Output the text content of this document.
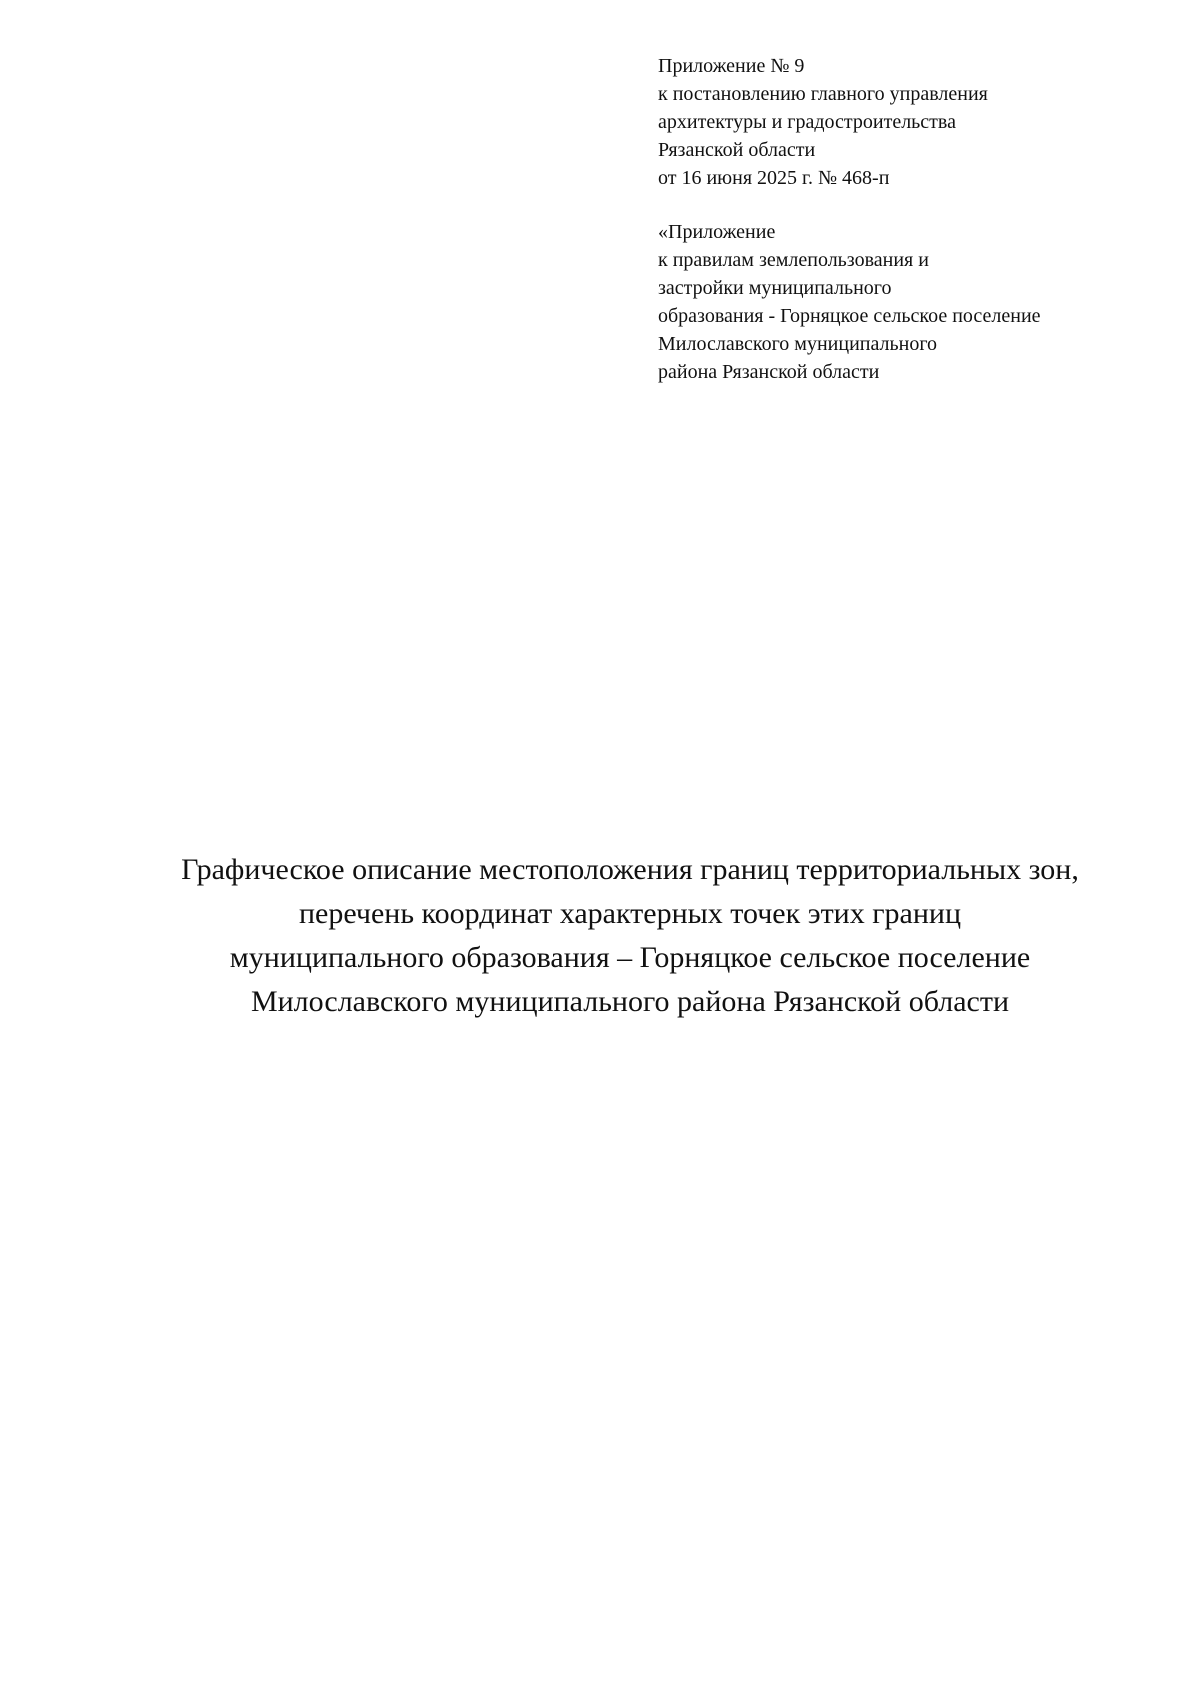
Приложение № 9
к постановлению главного управления
архитектуры и градостроительства
Рязанской области
от 16 июня 2025 г. № 468-п
«Приложение
к правилам землепользования и
застройки муниципального
образования - Горняцкое сельское поселение
Милославского муниципального
района Рязанской области
Графическое описание местоположения границ территориальных зон,
перечень координат характерных точек этих границ
муниципального образования – Горняцкое сельское поселение
Милославского муниципального района Рязанской области
